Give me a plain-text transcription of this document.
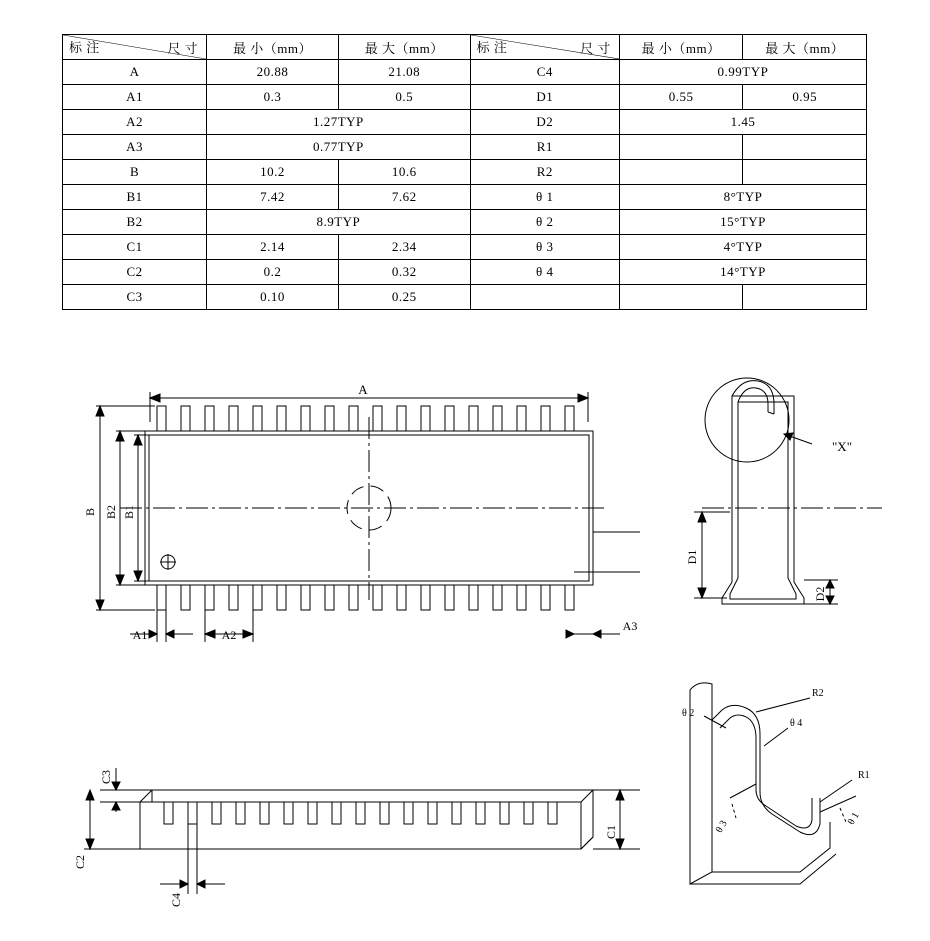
尺 寸
标 注	最 小（mm）	最 大（mm）	尺 寸
标 注	最 小（mm）	最 大（mm）
A	20.88	21.08	C4	0.99TYP	
A1	0.3	0.5	D1	0.55	0.95
A2	1.27TYP		D2	1.45	
A3	0.77TYP		R1		
B	10.2	10.6	R2		
B1	7.42	7.62	θ 1	8°TYP	
B2	8.9TYP		θ 2	15°TYP	
C1	2.14	2.34	θ 3	4°TYP	
C2	0.2	0.32	θ 4	14°TYP	
C3	0.10	0.25			
A
B B2 B1
A1	A2
A3
D1
D2
"X"
C3
C2
C4
C1
R2
R1
θ 2
θ 4
θ 3	θ 1
